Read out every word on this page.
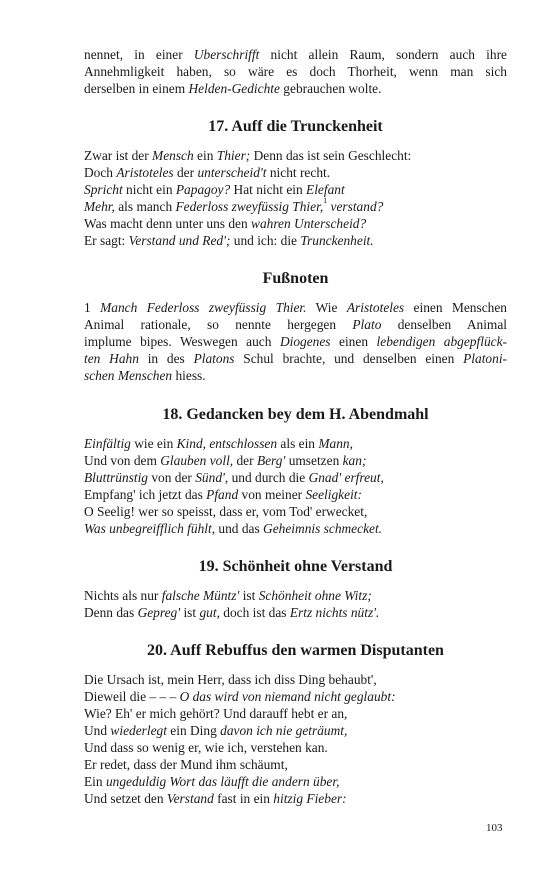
nennet, in einer Uberschrifft nicht allein Raum, sondern auch ihre
Annehmligkeit haben, so wäre es doch Thorheit, wenn man sich
derselben in einem Helden-Gedichte gebrauchen wolte.
17. Auff die Trunckenheit
Zwar ist der Mensch ein Thier; Denn das ist sein Geschlecht:
Doch Aristoteles der unterscheid't nicht recht.
Spricht nicht ein Papagoy? Hat nicht ein Elefant
Mehr, als manch Federloss zweyfüssig Thier,$^1$ verstand?
Was macht denn unter uns den wahren Unterscheid?
Er sagt: Verstand und Red'; und ich: die Trunckenheit.
Fußnoten
1 Manch Federloss zweyfüssig Thier. Wie Aristoteles einen Menschen
Animal rationale, so nennte hergegen Plato denselben Animal
implume bipes. Weswegen auch Diogenes einen lebendigen abgepflück-
ten Hahn in des Platons Schul brachte, und denselben einen Platoni-
schen Menschen hiess.
18. Gedancken bey dem H. Abendmahl
Einfältig wie ein Kind, entschlossen als ein Mann,
Und von dem Glauben voll, der Berg' umsetzen kan;
Bluttrünstig von der Sünd', und durch die Gnad' erfreut,
Empfang' ich jetzt das Pfand von meiner Seeligkeit:
O Seelig! wer so speisst, dass er, vom Tod' erwecket,
Was unbegreifflich fühlt, und das Geheimnis schmecket.
19. Schönheit ohne Verstand
Nichts als nur falsche Müntz' ist Schönheit ohne Witz;
Denn das Gepreg' ist gut, doch ist das Ertz nichts nütz'.
20. Auff Rebuffus den warmen Disputanten
Die Ursach ist, mein Herr, dass ich diss Ding behaubt',
Dieweil die – – – O das wird von niemand nicht geglaubt:
Wie? Eh' er mich gehört? Und darauff hebt er an,
Und wiederlegt ein Ding davon ich nie geträumt,
Und dass so wenig er, wie ich, verstehen kan.
Er redet, dass der Mund ihm schäumt,
Ein ungeduldig Wort das läufft die andern über,
Und setzet den Verstand fast in ein hitzig Fieber:
103
